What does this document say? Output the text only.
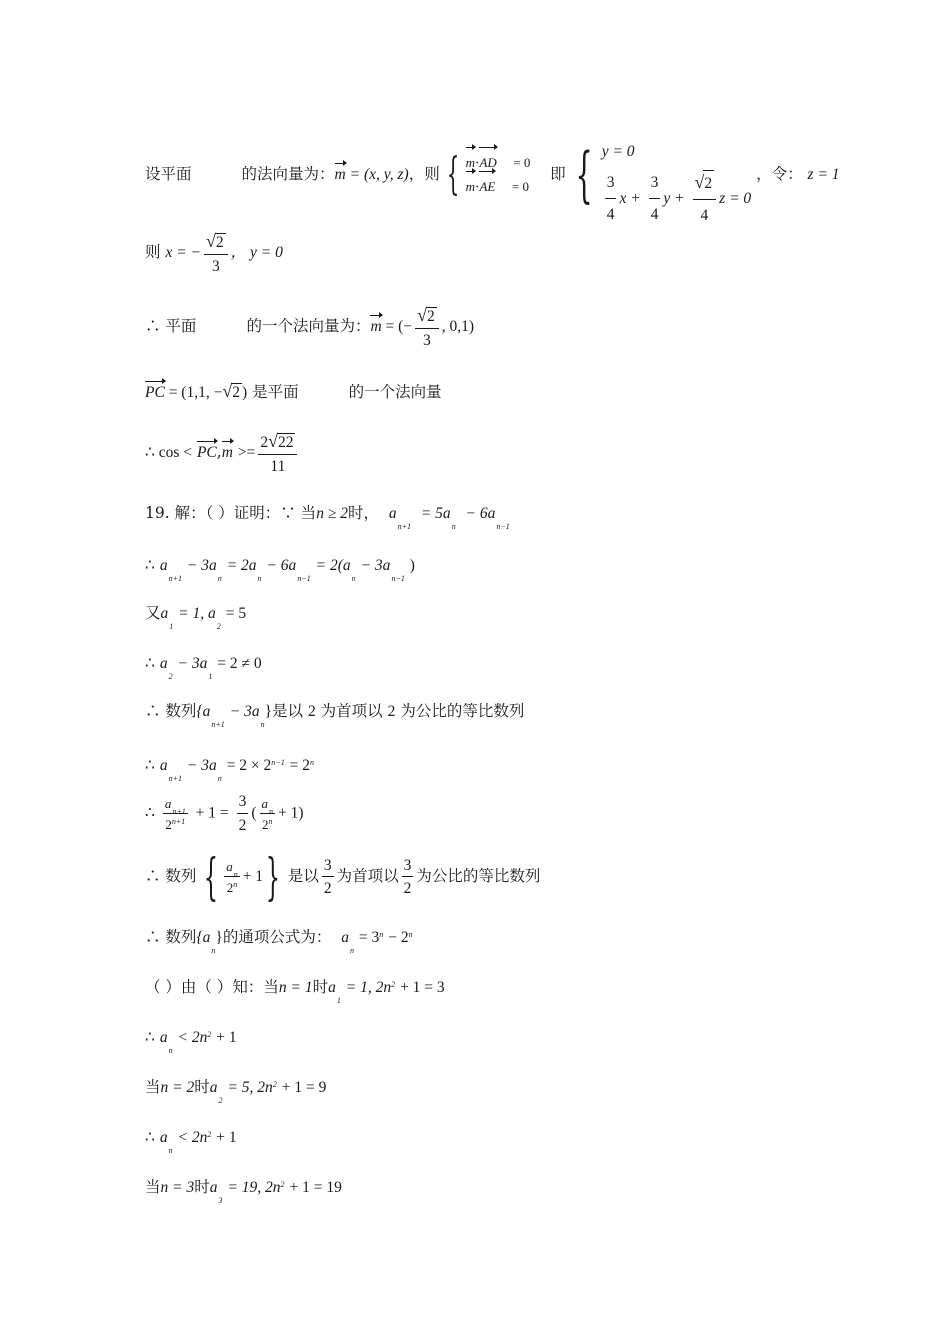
设平面	的法向量为：m = (x, y, z)，则 { m⋅AD = 0
m⋅AE = 0
即 { y = 0
$\frac{3}{4}$ $x + \frac{3}{4}$ $y + \frac{√2}{4}$ z = 0
，令： z = 1
则 x = − $\frac{√2}{3}$ ， y = 0
∴ 平面	的一个法向量为：m = (− $\frac{√2}{3}$ , 0,1)
PC = (1,1, −√2 ) 是平面	的一个法向量
∴ $\cos < PC,m >= \frac{2√22}{11}$
19. 解：（ ）证明：∵ 当n ≥ 2时， an+1  = 5an  − 6an−1
∴ an+1 − 3an = 2an − 6an−1 = 2(an − 3an−1 )
又a1 = 1, a2 = 5
∴ a2 − 3a1 = 2 ≠ 0
∴ 数列{an+1 − 3an}是以 2 为首项以 2 为公比的等比数列
∴ an+1 − 3an = 2 × 2n−1 = 2n
∴ $\frac{an+1}{2n+1} + 1 = \frac{3}{2}$ ( $\frac{an}{2n} + 1$)
∴ 数列 { $\frac{an}{2n} + 1$} 是以 $\frac{3}{2}$ 为首项以 $\frac{3}{2}$ 为公比的等比数列
∴ 数列{an}的通项公式为： an = 3n − 2n
（ ）由（ ）知：当n = 1时a1 = 1, 2n2 + 1 = 3
∴ an < 2n2 + 1
当n = 2时a2 = 5, 2n2 + 1 = 9
∴ an < 2n2 + 1
当n = 3时a3 = 19, 2n2 + 1 = 19
